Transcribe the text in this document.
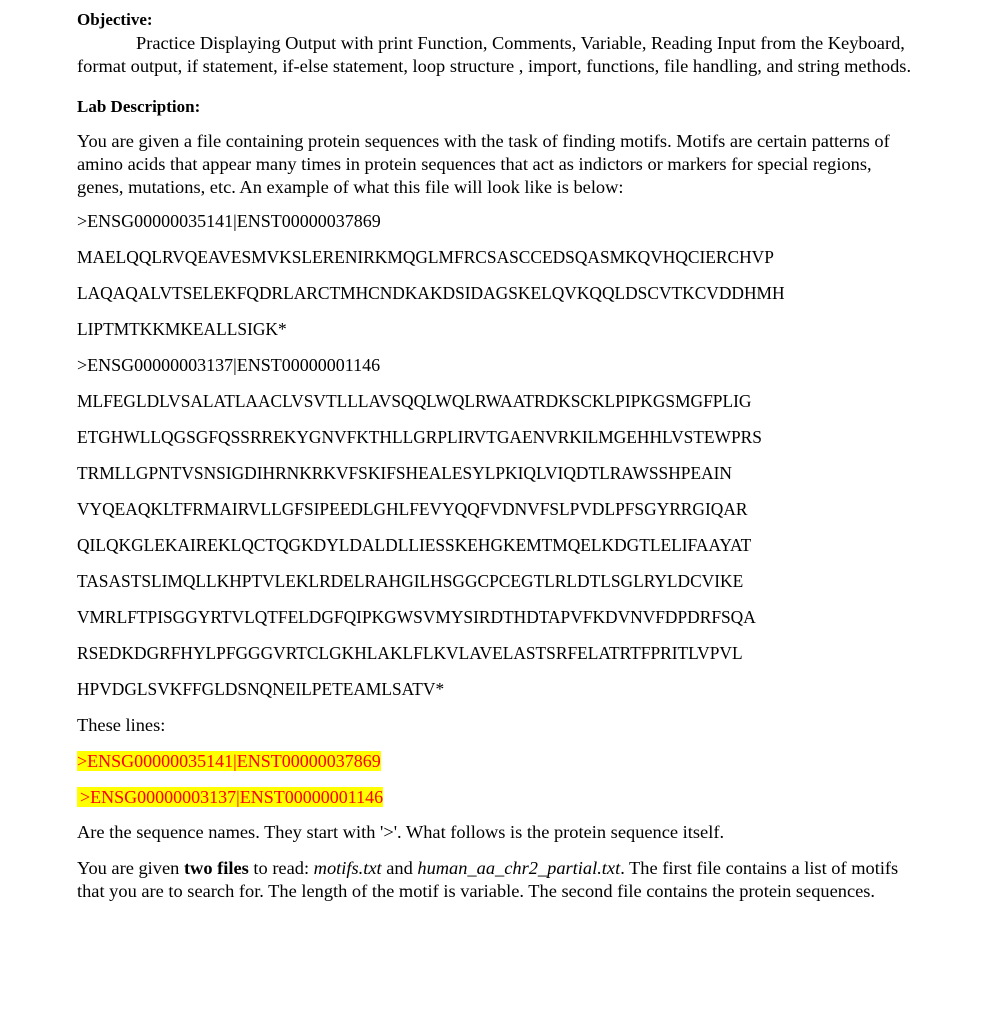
Objective:

Practice Displaying Output with print Function, Comments, Variable, Reading Input from the Keyboard, format output, if statement, if-else statement, loop structure , import, functions, file handling, and string methods.

Lab Description:

You are given a file containing protein sequences with the task of finding motifs. Motifs are certain patterns of amino acids that appear many times in protein sequences that act as indictors or markers for special regions, genes, mutations, etc. An example of what this file will look like is below:

>ENSG00000035141|ENST00000037869
MAELQQLRVQEAVESMVKSLERENIRKMQGLMFRCSASCCEDSQASMKQVHQCIERCHVP
LAQAQALVTSELEKFQDRLARCTMHCNDKAKDSIDAGSKELQVKQQLDSCVTKCVDDHMH
LIPTMTKKMKEALLSIGK*
>ENSG00000003137|ENST00000001146
MLFEGLDLVSALATLAACLVSVTLLLAVSQQLWQLRWAATRDKSCKLPIPKGSMGFPLIG
ETGHWLLQGSGFQSSRREKYGNVFKTHLLGRPLIRVTGAENVRKILMGEHHLVSTEWPRS
TRMLLGPNTVSNSIGDIHRNKRKVFSKIFSHEALESYLPKIQLVIQDTLRAWSSHPEAIN
VYQEAQKLTFRMAIRVLLGFSIPEEDLGHLFEVYQQFVDNVFSLPVDLPFSGYRRGIQAR
QILQKGLEKAIREKLQCTQGKDYLDALDLLIESSKEHGKEMTMQELKDGTLELIFAAYAT
TASASTSLIMQLLKHPTVLEKLRDELRAHGILHSGGCPCEGTLRLDTLSGLRYLDCVIKE
VMRLFTPISGGYRTVLQTFELDGFQIPKGWSVMYSIRDTHDTAPVFKDVNVFDPDRFSQA
RSEDKDGRFHYLPFGGGVRTCLGKHLAKLFLKVLAVELASTSRFELATRTFPRITLVPVL
HPVDGLSVKFFGLDSNQNEILPETEAMLSATV*
These lines:
>ENSG00000035141|ENST00000037869
>ENSG00000003137|ENST00000001146
Are the sequence names. They start with '>'. What follows is the protein sequence itself.

You are given two files to read: motifs.txt and human_aa_chr2_partial.txt. The first file contains a list of motifs that you are to search for. The length of the motif is variable. The second file contains the protein sequences.
